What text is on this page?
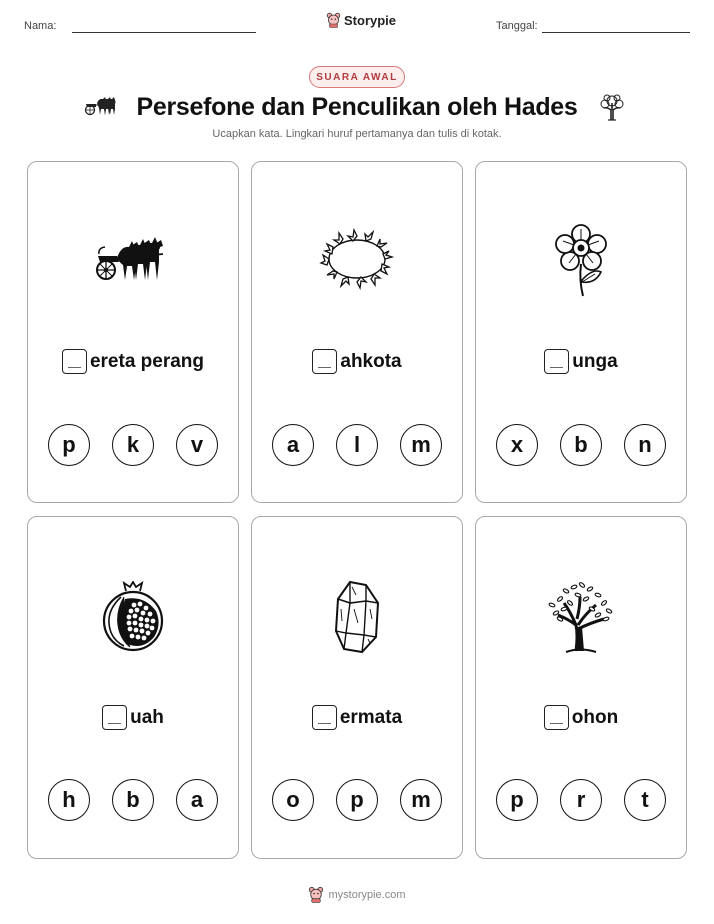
Nama:	Storypie	Tanggal:
SUARA AWAL
Persefone dan Penculikan oleh Hades
Ucapkan kata. Lingkari huruf pertamanya dan tulis di kotak.
ereta perang
p	k	v
ahkota
a	l	m
unga
x	b	n
uah
h	b	a
ermata
o	p	m
ohon
p	r	t
mystorypie.com
